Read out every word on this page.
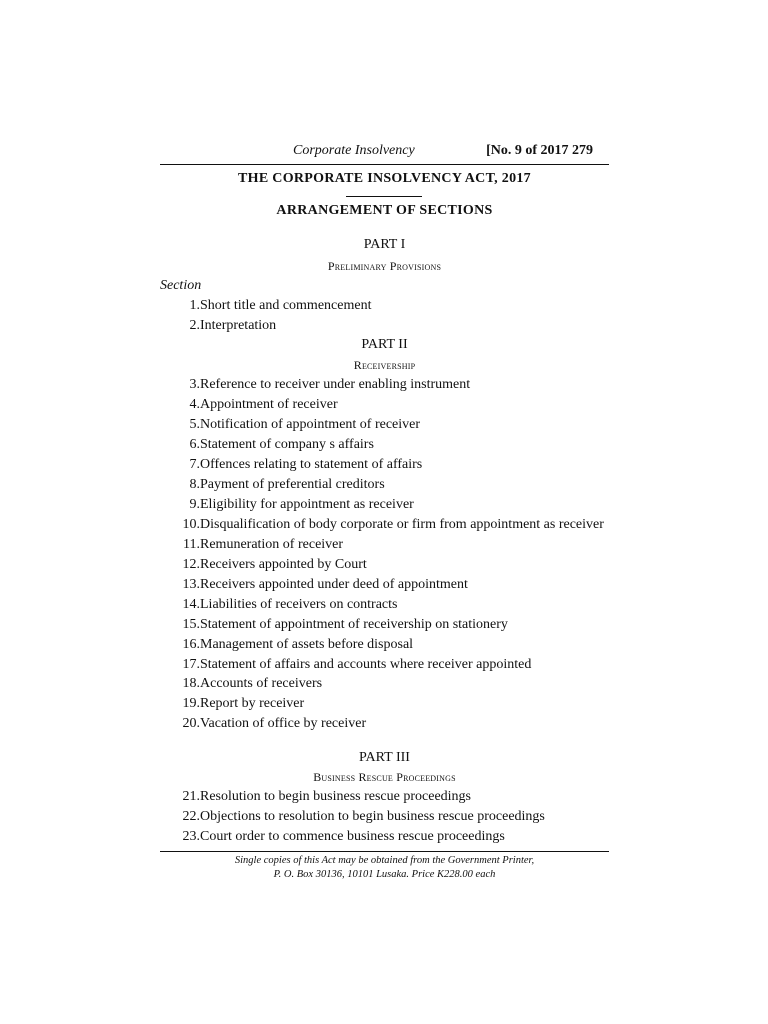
Corporate Insolvency	[No. 9 of 2017 279
THE CORPORATE INSOLVENCY ACT, 2017
ARRANGEMENT OF SECTIONS
PART I
Preliminary Provisions
Section
1. Short title and commencement
2. Interpretation
PART II
Receivership
3. Reference to receiver under enabling instrument
4. Appointment of receiver
5. Notification of appointment of receiver
6. Statement of company s affairs
7. Offences relating to statement of affairs
8. Payment of preferential creditors
9. Eligibility for appointment as receiver
10. Disqualification of body corporate or firm from appointment as receiver
11. Remuneration of receiver
12. Receivers appointed by Court
13. Receivers appointed under deed of appointment
14. Liabilities of receivers on contracts
15. Statement of appointment of receivership on stationery
16. Management of assets before disposal
17. Statement of affairs and accounts where receiver appointed
18. Accounts of receivers
19. Report by receiver
20. Vacation of office by receiver
PART III
Business Rescue Proceedings
21. Resolution to begin business rescue proceedings
22. Objections to resolution to begin business rescue proceedings
23. Court order to commence business rescue proceedings
Single copies of this Act may be obtained from the Government Printer,
P. O. Box 30136, 10101 Lusaka. Price K228.00 each
